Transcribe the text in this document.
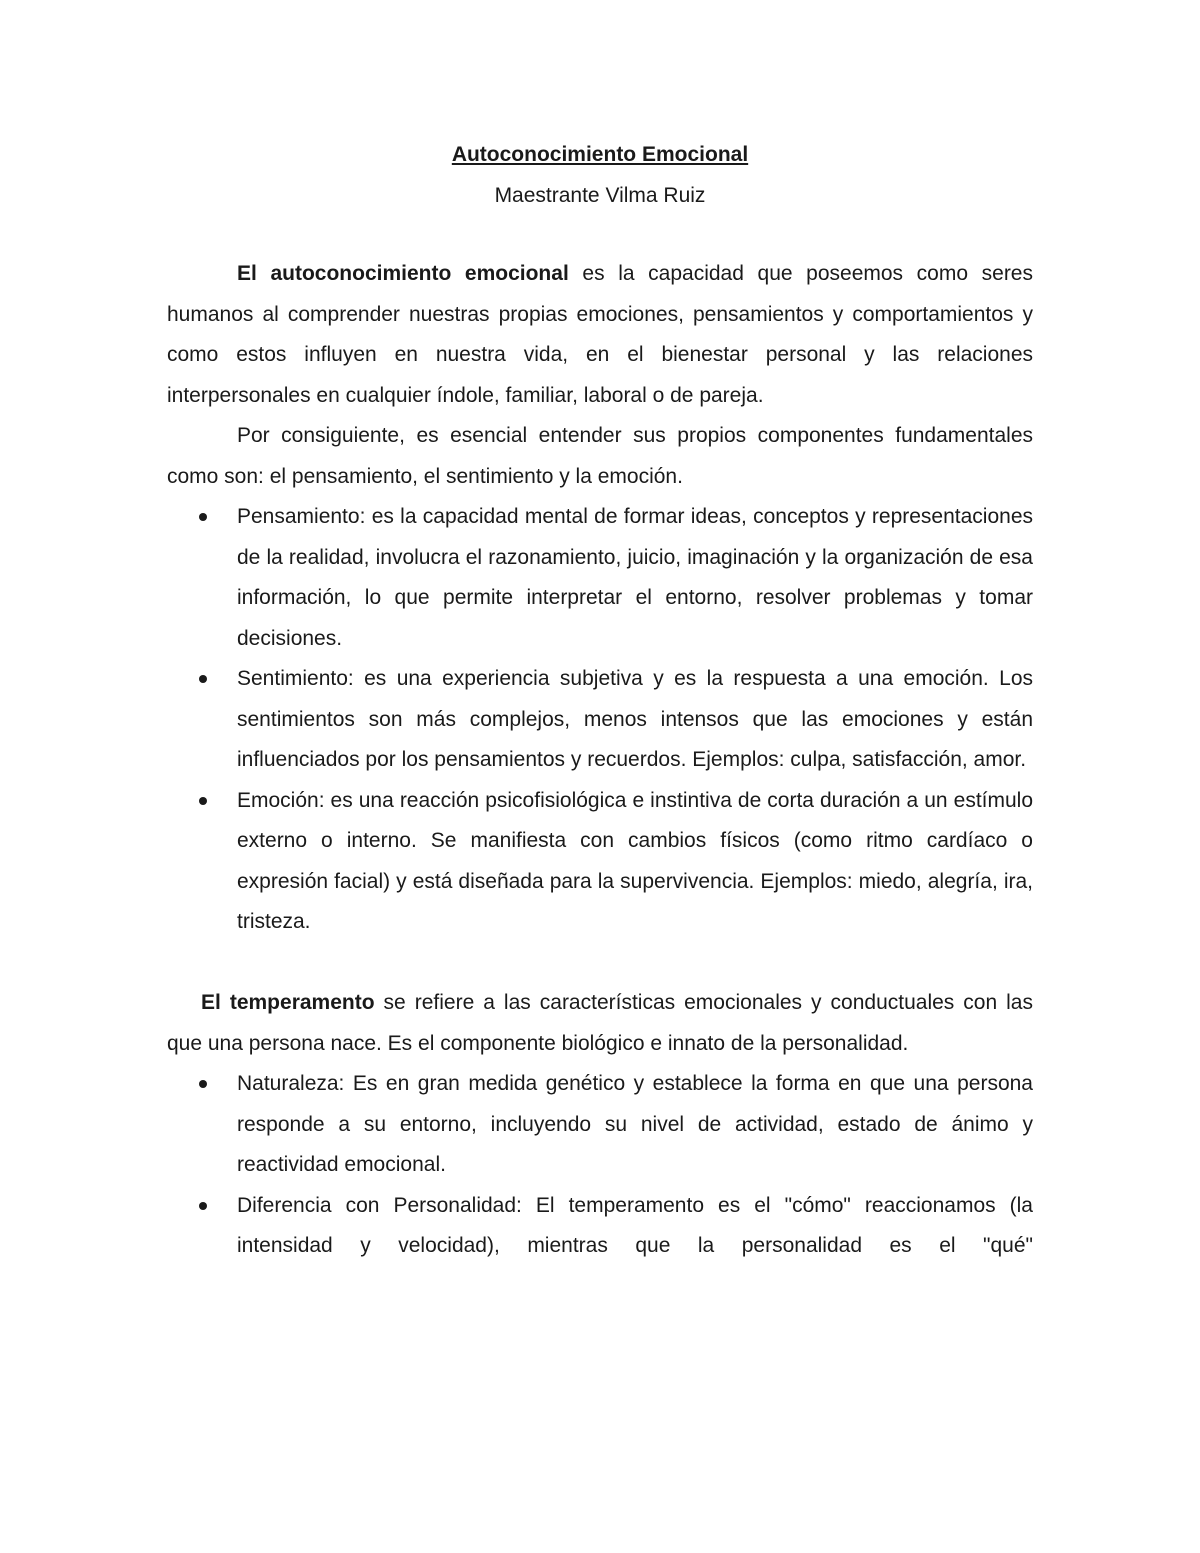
Autoconocimiento Emocional
Maestrante Vilma Ruiz

El autoconocimiento emocional es la capacidad que poseemos como seres humanos al comprender nuestras propias emociones, pensamientos y comportamientos y como estos influyen en nuestra vida, en el bienestar personal y las relaciones interpersonales en cualquier índole, familiar, laboral o de pareja.

Por consiguiente, es esencial entender sus propios componentes fundamentales como son: el pensamiento, el sentimiento y la emoción.

Pensamiento: es la capacidad mental de formar ideas, conceptos y representaciones de la realidad, involucra el razonamiento, juicio, imaginación y la organización de esa información, lo que permite interpretar el entorno, resolver problemas y tomar decisiones.
Sentimiento: es una experiencia subjetiva y es la respuesta a una emoción. Los sentimientos son más complejos, menos intensos que las emociones y están influenciados por los pensamientos y recuerdos. Ejemplos: culpa, satisfacción, amor.
Emoción: es una reacción psicofisiológica e instintiva de corta duración a un estímulo externo o interno. Se manifiesta con cambios físicos (como ritmo cardíaco o expresión facial) y está diseñada para la supervivencia. Ejemplos: miedo, alegría, ira, tristeza.

El temperamento se refiere a las características emocionales y conductuales con las que una persona nace. Es el componente biológico e innato de la personalidad.

Naturaleza: Es en gran medida genético y establece la forma en que una persona responde a su entorno, incluyendo su nivel de actividad, estado de ánimo y reactividad emocional.
Diferencia con Personalidad: El temperamento es el "cómo" reaccionamos (la intensidad y velocidad), mientras que la personalidad es el "qué"
